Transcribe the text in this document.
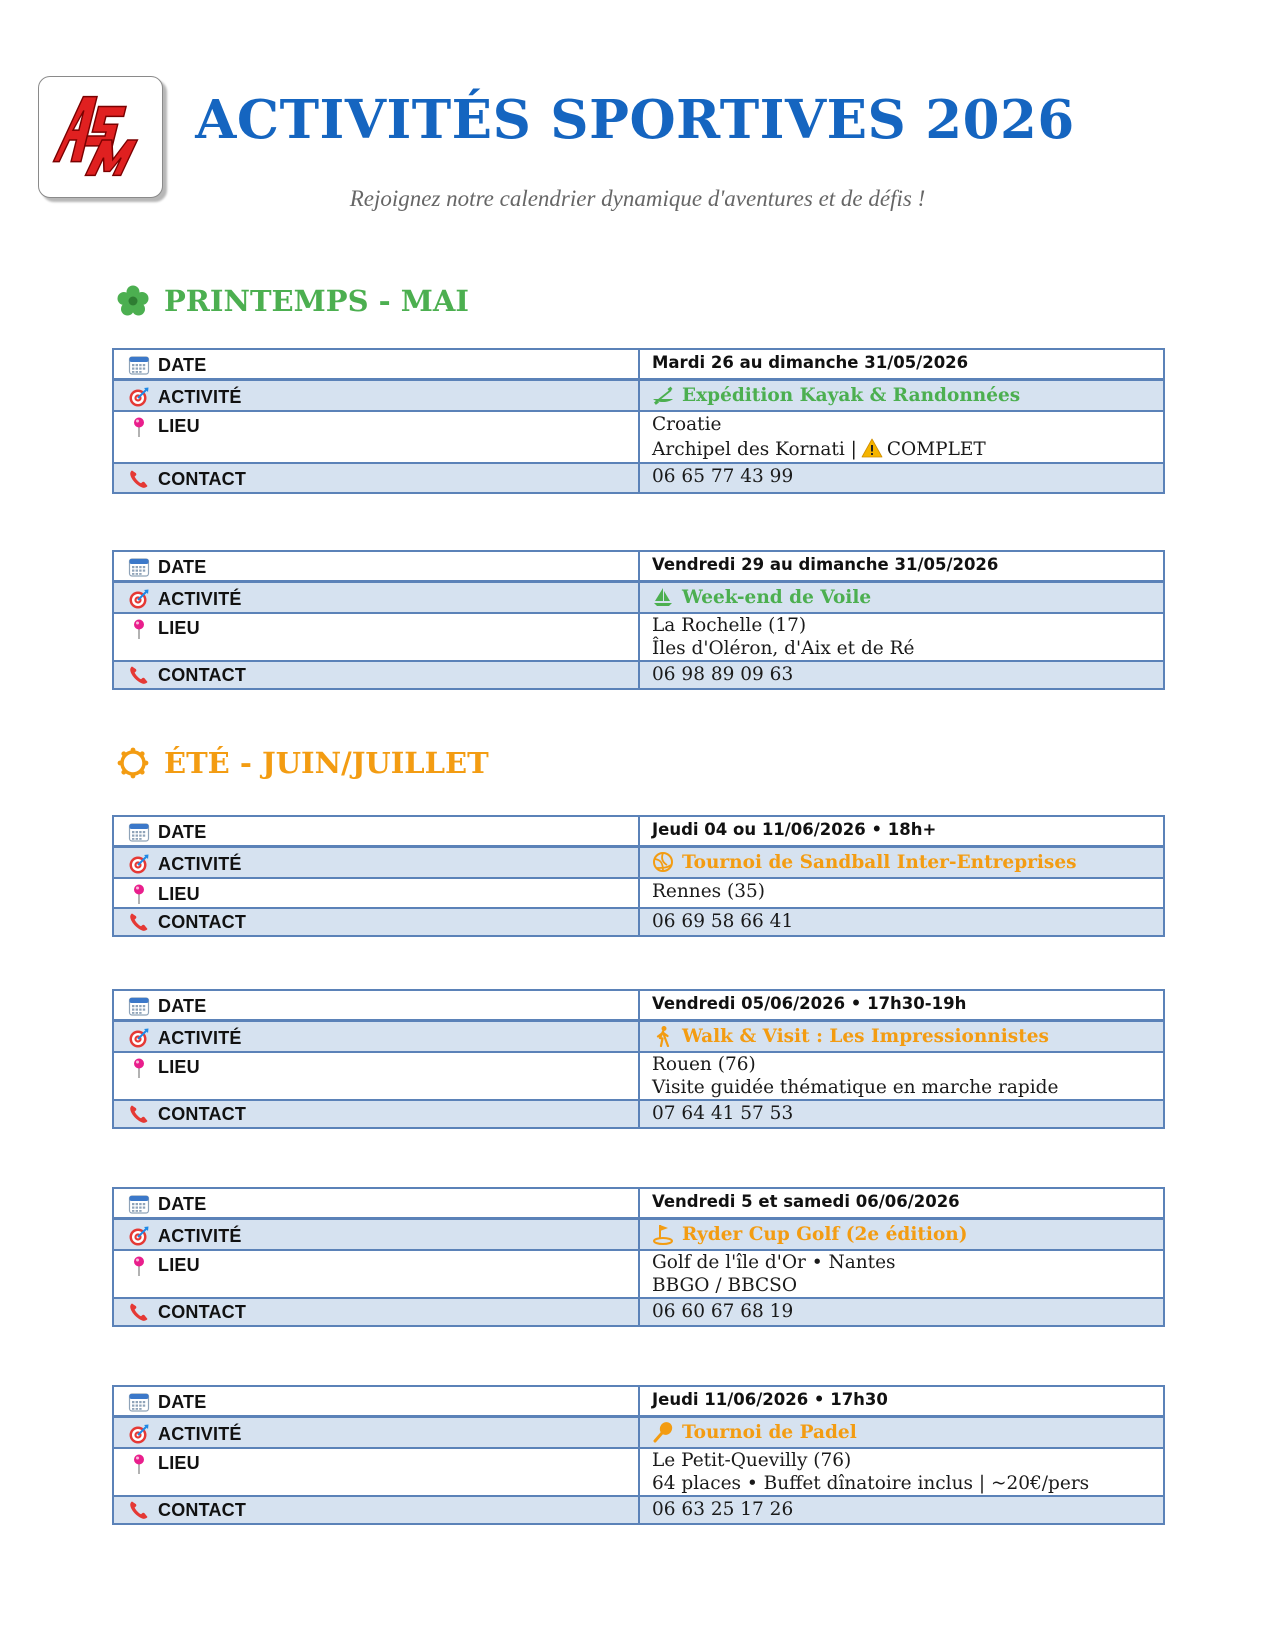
ACTIVITÉS SPORTIVES 2026
Rejoignez notre calendrier dynamique d'aventures et de défis !
PRINTEMPS - MAI
DATE	Mardi 26 au dimanche 31/05/2026
ACTIVITÉ	Expédition Kayak & Randonnées
LIEU	Croatie
Archipel des Kornati | COMPLET
CONTACT	06 65 77 43 99
DATE	Vendredi 29 au dimanche 31/05/2026
ACTIVITÉ	Week-end de Voile
LIEU	La Rochelle (17)
Îles d'Oléron, d'Aix et de Ré
CONTACT	06 98 89 09 63
ÉTÉ - JUIN/JUILLET
DATE	Jeudi 04 ou 11/06/2026 • 18h+
ACTIVITÉ	Tournoi de Sandball Inter-Entreprises
LIEU	Rennes (35)
CONTACT	06 69 58 66 41
DATE	Vendredi 05/06/2026 • 17h30-19h
ACTIVITÉ	Walk & Visit : Les Impressionnistes
LIEU	Rouen (76)
Visite guidée thématique en marche rapide
CONTACT	07 64 41 57 53
DATE	Vendredi 5 et samedi 06/06/2026
ACTIVITÉ	Ryder Cup Golf (2e édition)
LIEU	Golf de l'île d'Or • Nantes
BBGO / BBCSO
CONTACT	06 60 67 68 19
DATE	Jeudi 11/06/2026 • 17h30
ACTIVITÉ	Tournoi de Padel
LIEU	Le Petit-Quevilly (76)
64 places • Buffet dînatoire inclus | ~20€/pers
CONTACT	06 63 25 17 26
